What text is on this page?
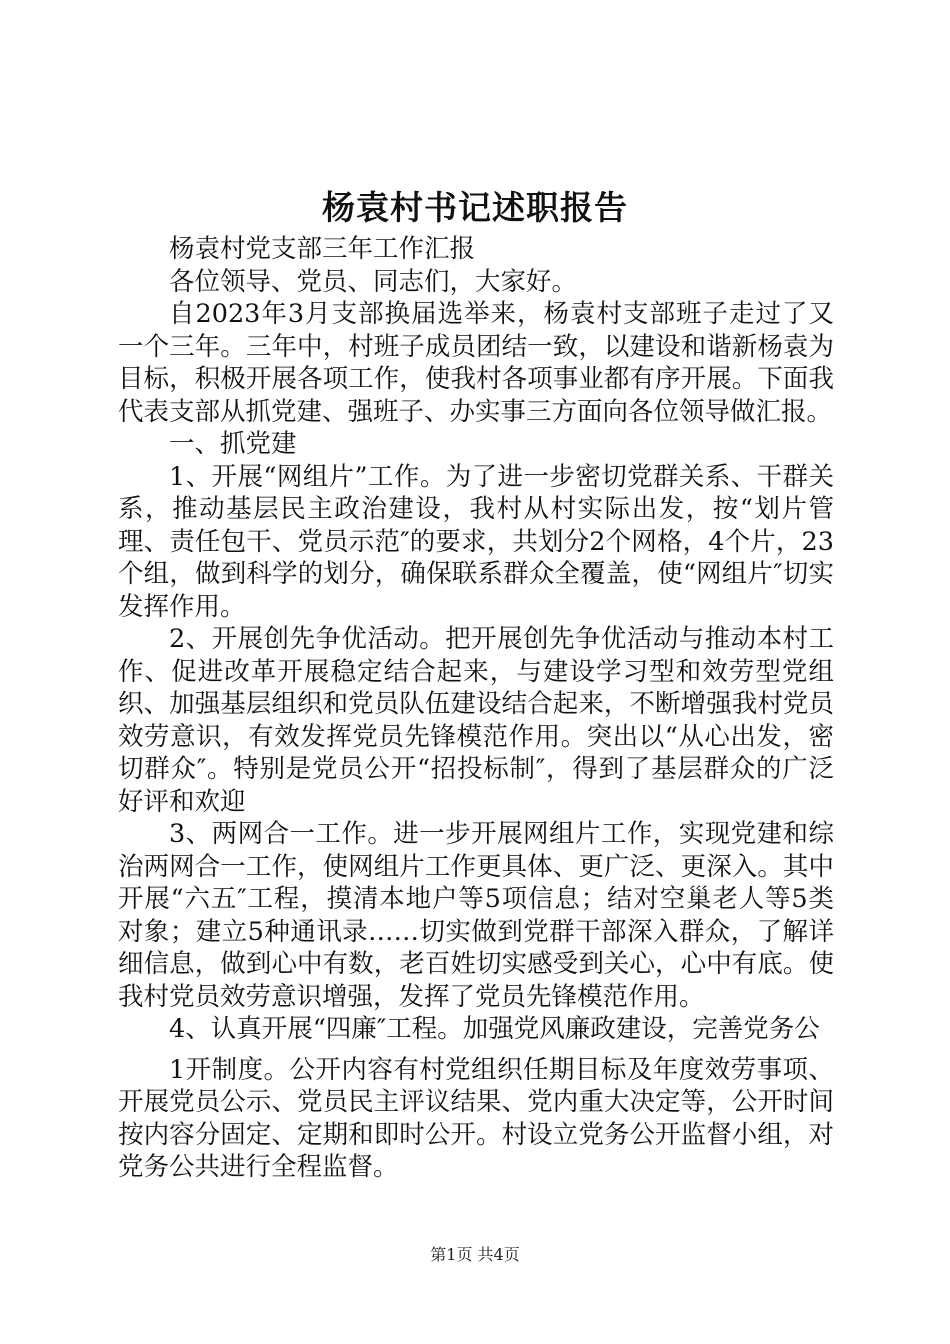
杨袁村书记述职报告

杨袁村党支部三年工作汇报

各位领导、党员、同志们，大家好。

自2023年3月支部换届选举来，杨袁村支部班子走过了又一个三年。三年中，村班子成员团结一致，以建设和谐新杨袁为目标，积极开展各项工作，使我村各项事业都有序开展。下面我代表支部从抓党建、强班子、办实事三方面向各位领导做汇报。

一、抓党建

1、开展“网组片”工作。为了进一步密切党群关系、干群关系，推动基层民主政治建设，我村从村实际出发，按“划片管理、责任包干、党员示范″的要求，共划分2个网格，4个片，23个组，做到科学的划分，确保联系群众全覆盖，使“网组片″切实发挥作用。

2、开展创先争优活动。把开展创先争优活动与推动本村工作、促进改革开展稳定结合起来，与建设学习型和效劳型党组织、加强基层组织和党员队伍建设结合起来，不断增强我村党员效劳意识，有效发挥党员先锋模范作用。突出以“从心出发，密切群众″。特别是党员公开“招投标制″，得到了基层群众的广泛好评和欢迎

3、两网合一工作。进一步开展网组片工作，实现党建和综治两网合一工作，使网组片工作更具体、更广泛、更深入。其中开展“六五″工程，摸清本地户等5项信息；结对空巢老人等5类对象；建立5种通讯录……切实做到党群干部深入群众，了解详细信息，做到心中有数，老百姓切实感受到关心，心中有底。使我村党员效劳意识增强，发挥了党员先锋模范作用。

4、认真开展“四廉″工程。加强党风廉政建设，完善党务公

1开制度。公开内容有村党组织任期目标及年度效劳事项、开展党员公示、党员民主评议结果、党内重大决定等，公开时间按内容分固定、定期和即时公开。村设立党务公开监督小组，对党务公共进行全程监督。

第1页 共4页
